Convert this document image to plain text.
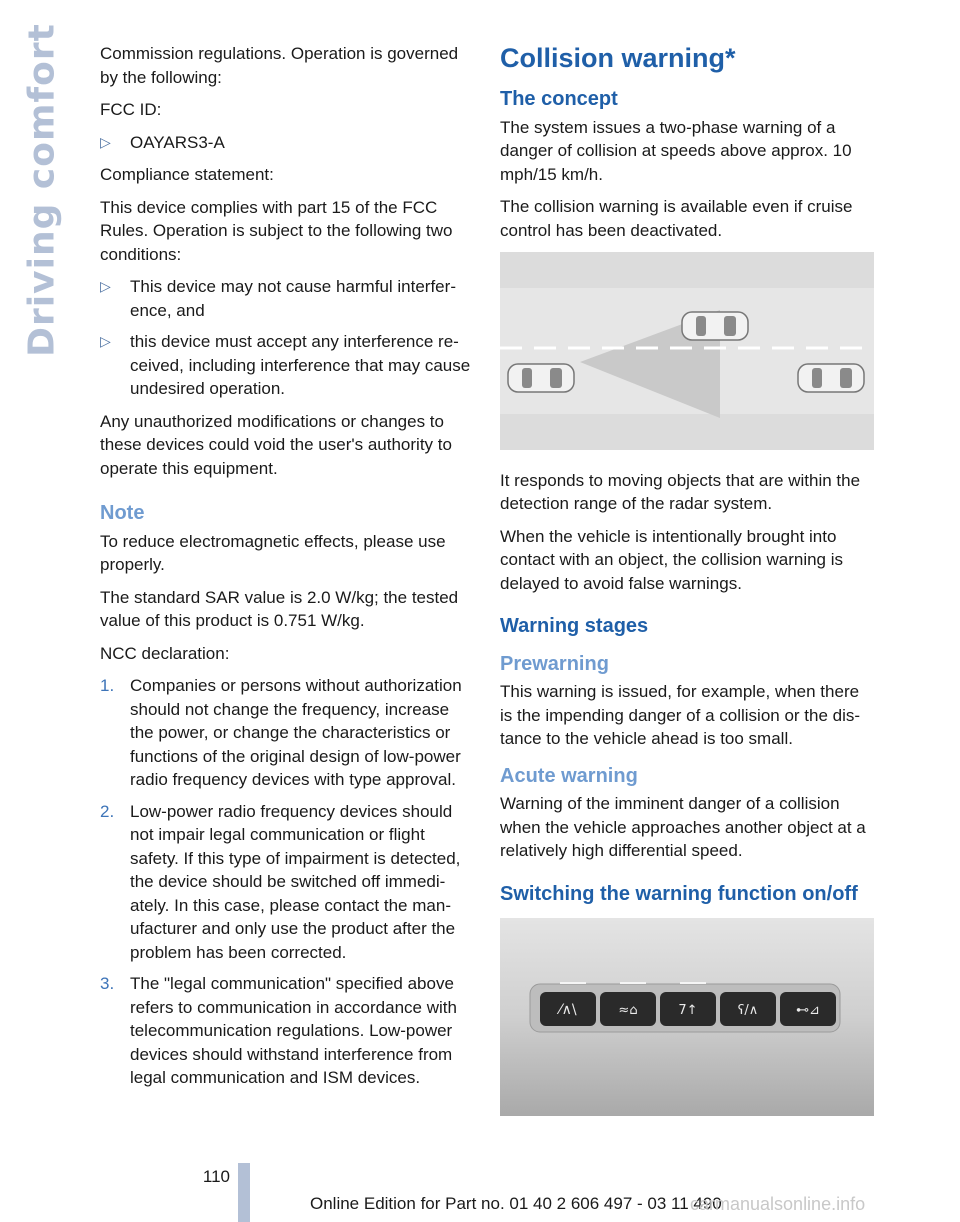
Driving comfort Commission regulations. Operation is governed by the following:

FCC ID:

▷ OAYARS3-A

Compliance statement:

This device complies with part 15 of the FCC Rules. Operation is subject to the following two conditions:

▷ This device may not cause harmful interference, and
▷ this device must accept any interference received, including interference that may cause undesired operation.

Any unauthorized modifications or changes to these devices could void the user's authority to operate this equipment.

Note

To reduce electromagnetic effects, please use properly.

The standard SAR value is 2.0 W/kg; the tested value of this product is 0.751 W/kg.

NCC declaration:

1. Companies or persons without authorization should not change the frequency, increase the power, or change the characteristics or functions of the original design of low-power radio frequency devices with type approval.
2. Low-power radio frequency devices should not impair legal communication or flight safety. If this type of impairment is detected, the device should be switched off immediately. In this case, please contact the manufacturer and only use the product after the problem has been corrected.
3. The "legal communication" specified above refers to communication in accordance with telecommunication regulations. Low-power devices should withstand interference from legal communication and ISM devices.
Collision warning*
The concept

The system issues a two-phase warning of a danger of collision at speeds above approx. 10 mph/15 km/h.

The collision warning is available even if cruise control has been deactivated.

It responds to moving objects that are within the detection range of the radar system.

When the vehicle is intentionally brought into contact with an object, the collision warning is delayed to avoid false warnings.

Warning stages
Prewarning

This warning is issued, for example, when there is the impending danger of a collision or the distance to the vehicle ahead is too small.

Acute warning

Warning of the imminent danger of a collision when the vehicle approaches another object at a relatively high differential speed.

Switching the warning function on/off
⁄∧\	≈⌂	7↑	ʕ/∧	⊷⊿
110
Online Edition for Part no. 01 40 2 606 497 - 03 11 490
carmanualsonline.info
